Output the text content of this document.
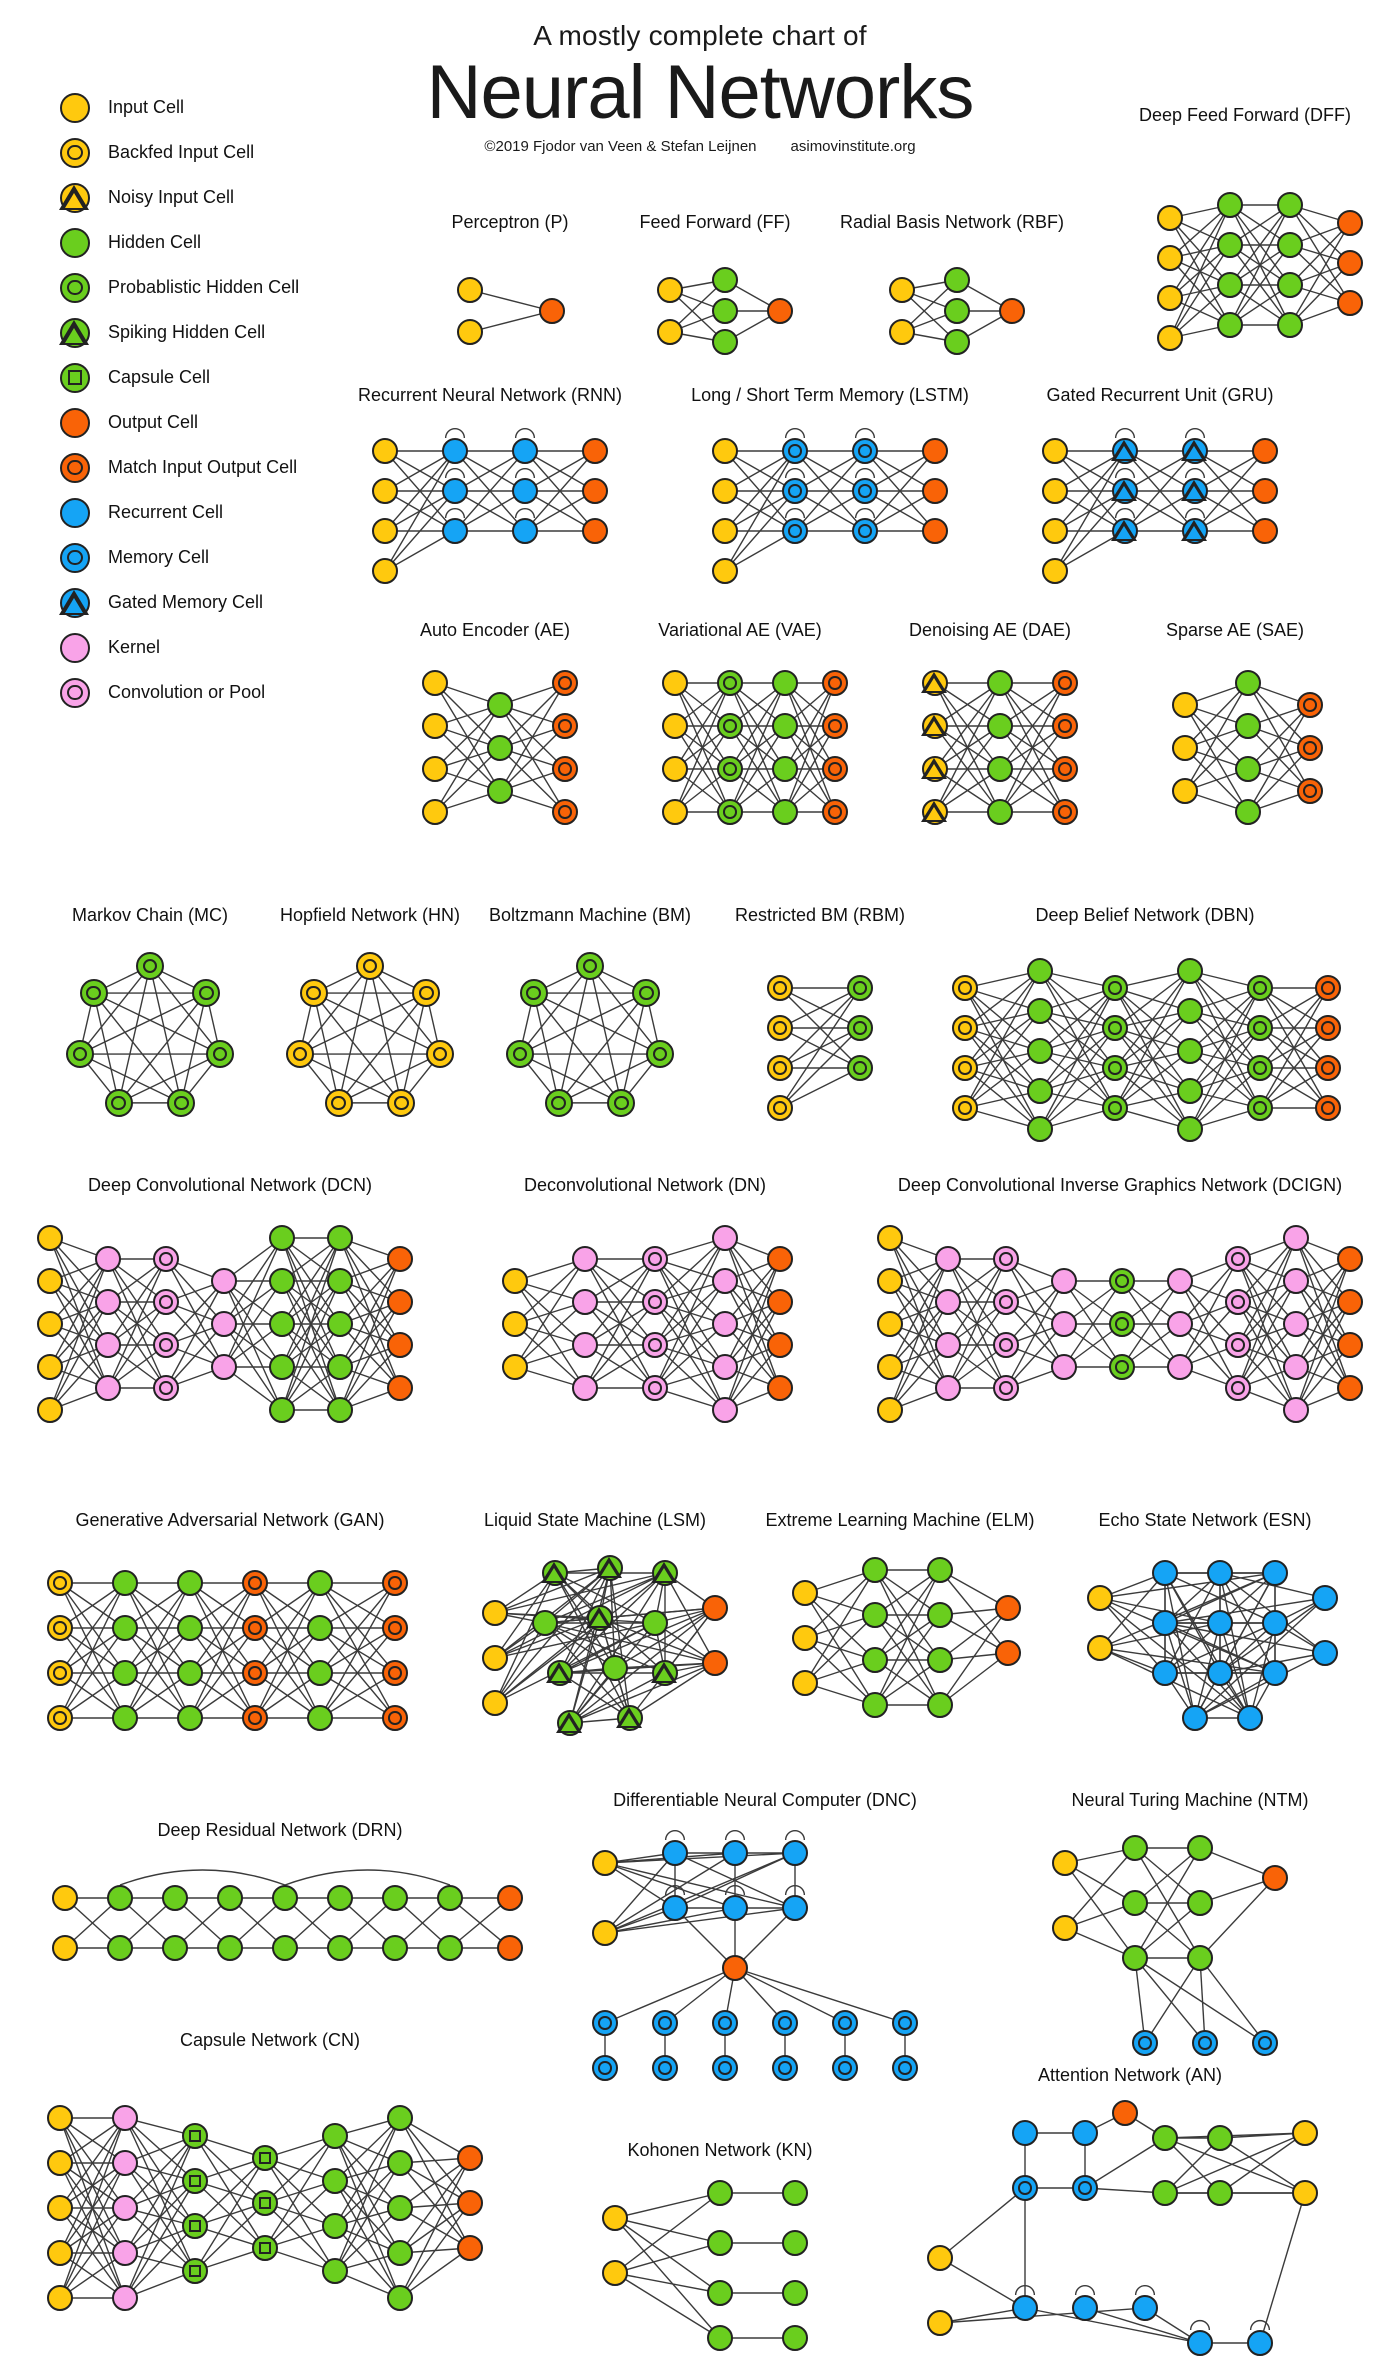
A mostly complete chart of
Neural Networks
©2019 Fjodor van Veen & Stefan Leijnen asimovinstitute.org
Input Cell
Backfed Input Cell
Noisy Input Cell
Hidden Cell
Probablistic Hidden Cell
Spiking Hidden Cell
Capsule Cell
Output Cell
Match Input Output Cell
Recurrent Cell
Memory Cell
Gated Memory Cell
Kernel
Convolution or Pool
Perceptron (P)	Feed Forward (FF)	Radial Basis Network (RBF)
Deep Feed Forward (DFF)
Recurrent Neural Network (RNN)	Long / Short Term Memory (LSTM)	Gated Recurrent Unit (GRU)
Auto Encoder (AE)	Variational AE (VAE)	Denoising AE (DAE)	Sparse AE (SAE)
Markov Chain (MC)	Hopfield Network (HN)	Boltzmann Machine (BM)	Restricted BM (RBM)	Deep Belief Network (DBN)
Deep Convolutional Network (DCN)	Deconvolutional Network (DN)	Deep Convolutional Inverse Graphics Network (DCIGN)
Generative Adversarial Network (GAN)	Liquid State Machine (LSM)	Extreme Learning Machine (ELM)	Echo State Network (ESN)
Deep Residual Network (DRN)
Differentiable Neural Computer (DNC)	Neural Turing Machine (NTM)
Capsule Network (CN)
Kohonen Network (KN)
Attention Network (AN)
